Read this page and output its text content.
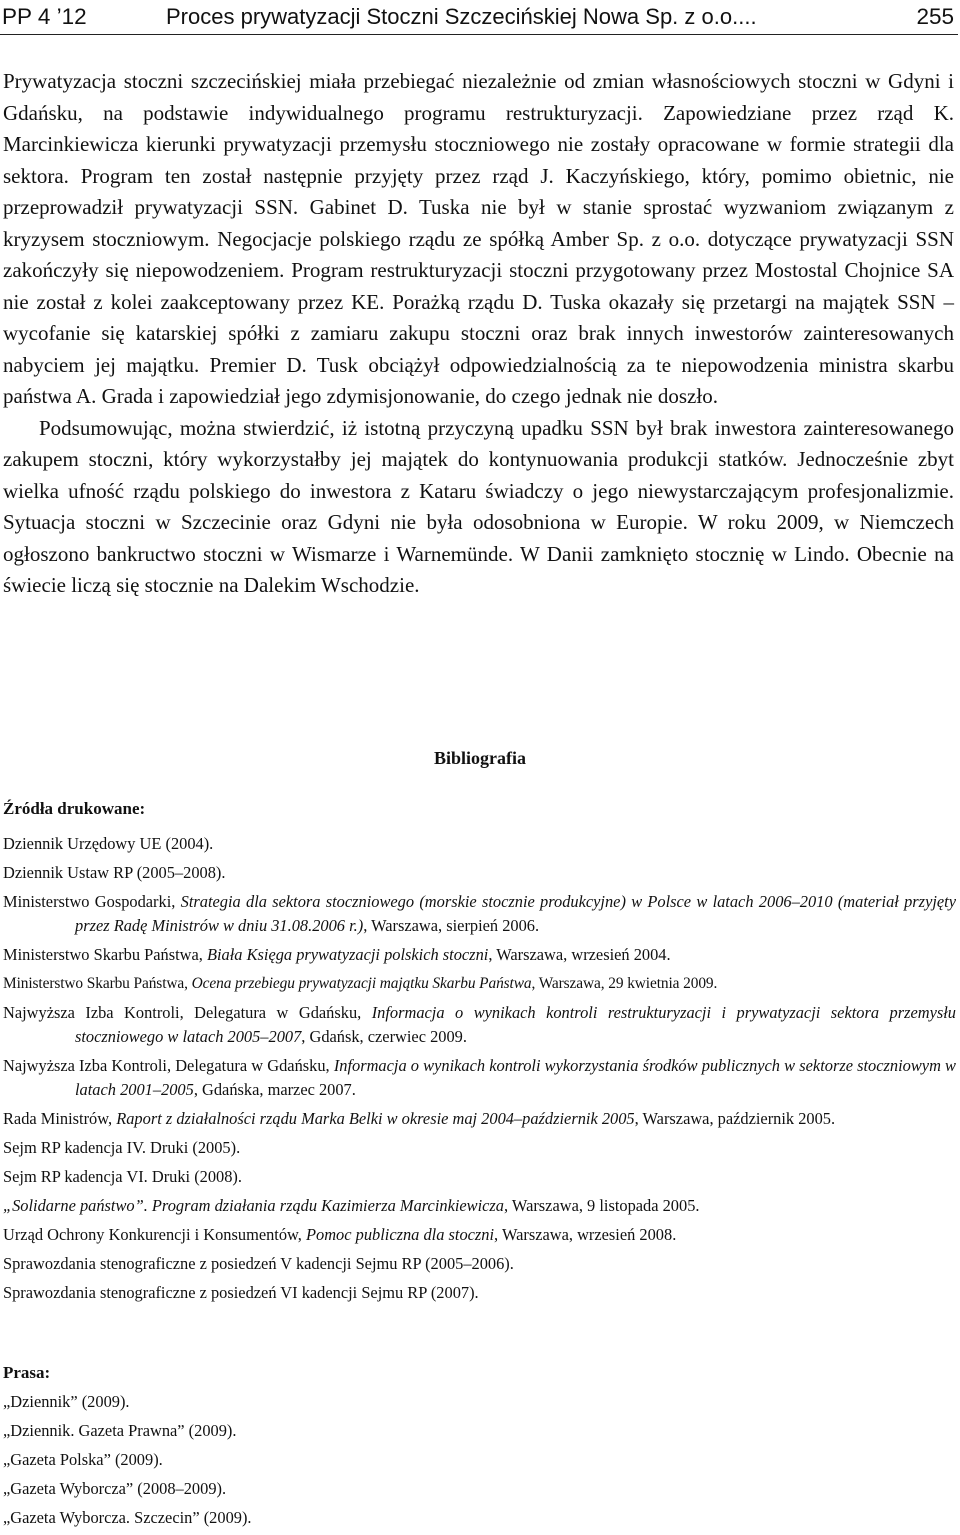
PP 4 ’12	Proces prywatyzacji Stoczni Szczecińskiej Nowa Sp. z o.o....	255

Prywatyzacja stoczni szczecińskiej miała przebiegać niezależnie od zmian własnościowych stoczni w Gdyni i Gdańsku, na podstawie indywidualnego programu restrukturyzacji. Zapowiedziane przez rząd K. Marcinkiewicza kierunki prywatyzacji przemysłu stoczniowego nie zostały opracowane w formie strategii dla sektora. Program ten został następnie przyjęty przez rząd J. Kaczyńskiego, który, pomimo obietnic, nie przeprowadził prywatyzacji SSN. Gabinet D. Tuska nie był w stanie sprostać wyzwaniom związanym z kryzysem stoczniowym. Negocjacje polskiego rządu ze spółką Amber Sp. z o.o. dotyczące prywatyzacji SSN zakończyły się niepowodzeniem. Program restrukturyzacji stoczni przygotowany przez Mostostal Chojnice SA nie został z kolei zaakceptowany przez KE. Porażką rządu D. Tuska okazały się przetargi na majątek SSN – wycofanie się katarskiej spółki z zamiaru zakupu stoczni oraz brak innych inwestorów zainteresowanych nabyciem jej majątku. Premier D. Tusk obciążył odpowiedzialnością za te niepowodzenia ministra skarbu państwa A. Grada i zapowiedział jego zdymisjonowanie, do czego jednak nie doszło.

Podsumowując, można stwierdzić, iż istotną przyczyną upadku SSN był brak inwestora zainteresowanego zakupem stoczni, który wykorzystałby jej majątek do kontynuowania produkcji statków. Jednocześnie zbyt wielka ufność rządu polskiego do inwestora z Kataru świadczy o jego niewystarczającym profesjonalizmie. Sytuacja stoczni w Szczecinie oraz Gdyni nie była odosobniona w Europie. W roku 2009, w Niemczech ogłoszono bankructwo stoczni w Wismarze i Warnemünde. W Danii zamknięto stocznię w Lindo. Obecnie na świecie liczą się stocznie na Dalekim Wschodzie.

Bibliografia
Źródła drukowane:

Dziennik Urzędowy UE (2004).

Dziennik Ustaw RP (2005–2008).

Ministerstwo Gospodarki, Strategia dla sektora stoczniowego (morskie stocznie produkcyjne) w Polsce w latach 2006–2010 (materiał przyjęty przez Radę Ministrów w dniu 31.08.2006 r.), Warszawa, sierpień 2006.

Ministerstwo Skarbu Państwa, Biała Księga prywatyzacji polskich stoczni, Warszawa, wrzesień 2004.

Ministerstwo Skarbu Państwa, Ocena przebiegu prywatyzacji majątku Skarbu Państwa, Warszawa, 29 kwietnia 2009.

Najwyższa Izba Kontroli, Delegatura w Gdańsku, Informacja o wynikach kontroli restrukturyzacji i prywatyzacji sektora przemysłu stoczniowego w latach 2005–2007, Gdańsk, czerwiec 2009.

Najwyższa Izba Kontroli, Delegatura w Gdańsku, Informacja o wynikach kontroli wykorzystania środków publicznych w sektorze stoczniowym w latach 2001–2005, Gdańska, marzec 2007.

Rada Ministrów, Raport z działalności rządu Marka Belki w okresie maj 2004–październik 2005, Warszawa, październik 2005.

Sejm RP kadencja IV. Druki (2005).

Sejm RP kadencja VI. Druki (2008).

„Solidarne państwo”. Program działania rządu Kazimierza Marcinkiewicza, Warszawa, 9 listopada 2005.

Urząd Ochrony Konkurencji i Konsumentów, Pomoc publiczna dla stoczni, Warszawa, wrzesień 2008.

Sprawozdania stenograficzne z posiedzeń V kadencji Sejmu RP (2005–2006).

Sprawozdania stenograficzne z posiedzeń VI kadencji Sejmu RP (2007).

Prasa:

„Dziennik” (2009).

„Dziennik. Gazeta Prawna” (2009).

„Gazeta Polska” (2009).

„Gazeta Wyborcza” (2008–2009).

„Gazeta Wyborcza. Szczecin” (2009).
